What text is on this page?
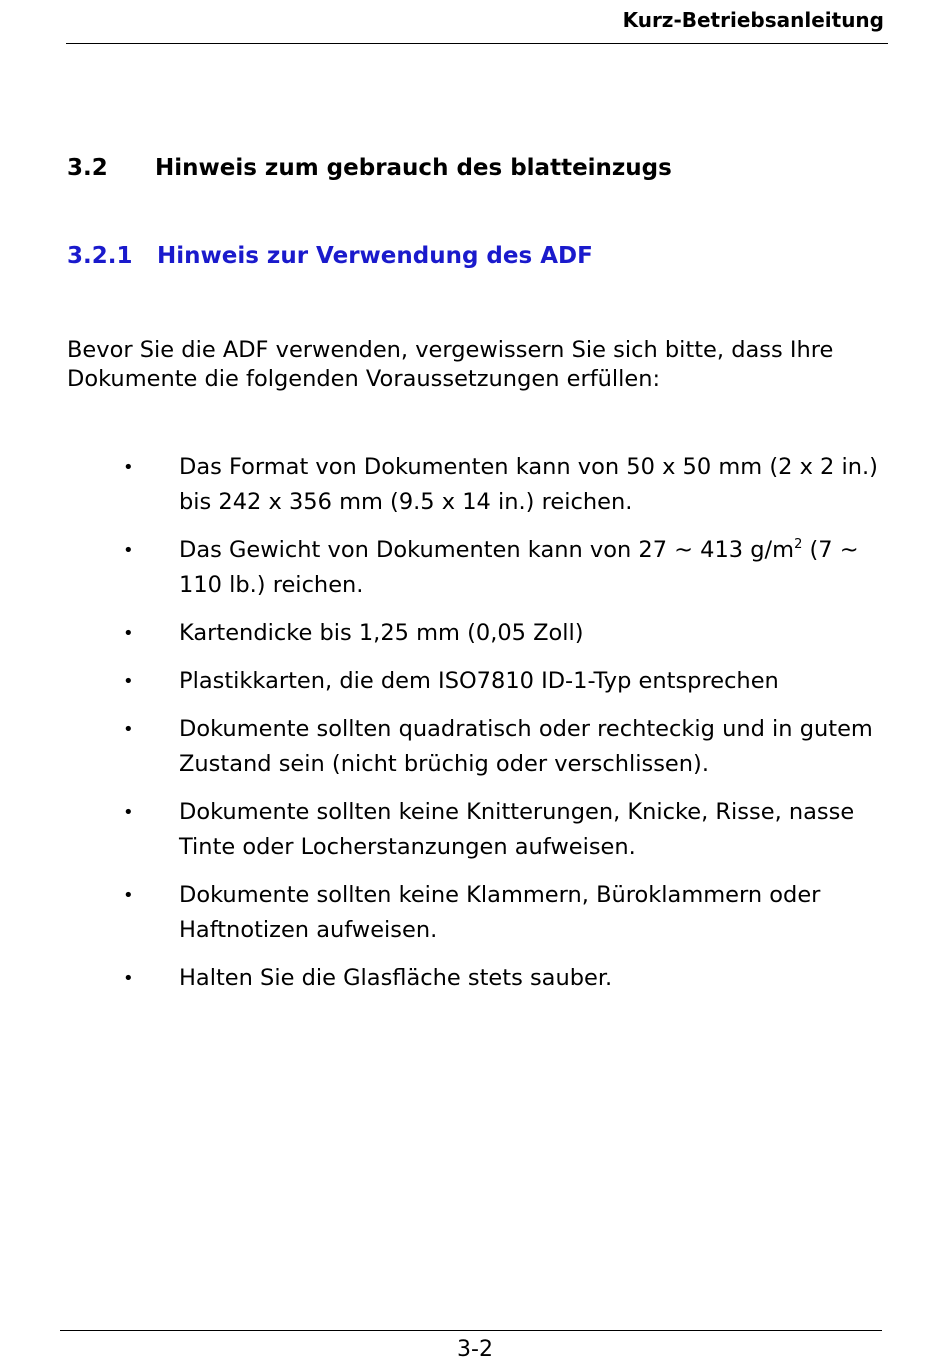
Kurz-Betriebsanleitung
3.2 Hinweis zum gebrauch des blatteinzugs
3.2.1 Hinweis zur Verwendung des ADF

Bevor Sie die ADF verwenden, vergewissern Sie sich bitte, dass Ihre Dokumente die folgenden Voraussetzungen erfüllen:

• Das Format von Dokumenten kann von 50 x 50 mm (2 x 2 in.) bis 242 x 356 mm (9.5 x 14 in.) reichen.
• Das Gewicht von Dokumenten kann von 27 ~ 413 $g/m^2$ (7 ~ 110 lb.) reichen.
• Kartendicke bis 1,25 mm (0,05 Zoll)
• Plastikkarten, die dem ISO7810 ID-1-Typ entsprechen
• Dokumente sollten quadratisch oder rechteckig und in gutem Zustand sein (nicht brüchig oder verschlissen).
• Dokumente sollten keine Knitterungen, Knicke, Risse, nasse Tinte oder Locherstanzungen aufweisen.
• Dokumente sollten keine Klammern, Büroklammern oder Haftnotizen aufweisen.
• Halten Sie die Glasfläche stets sauber.
3-2
